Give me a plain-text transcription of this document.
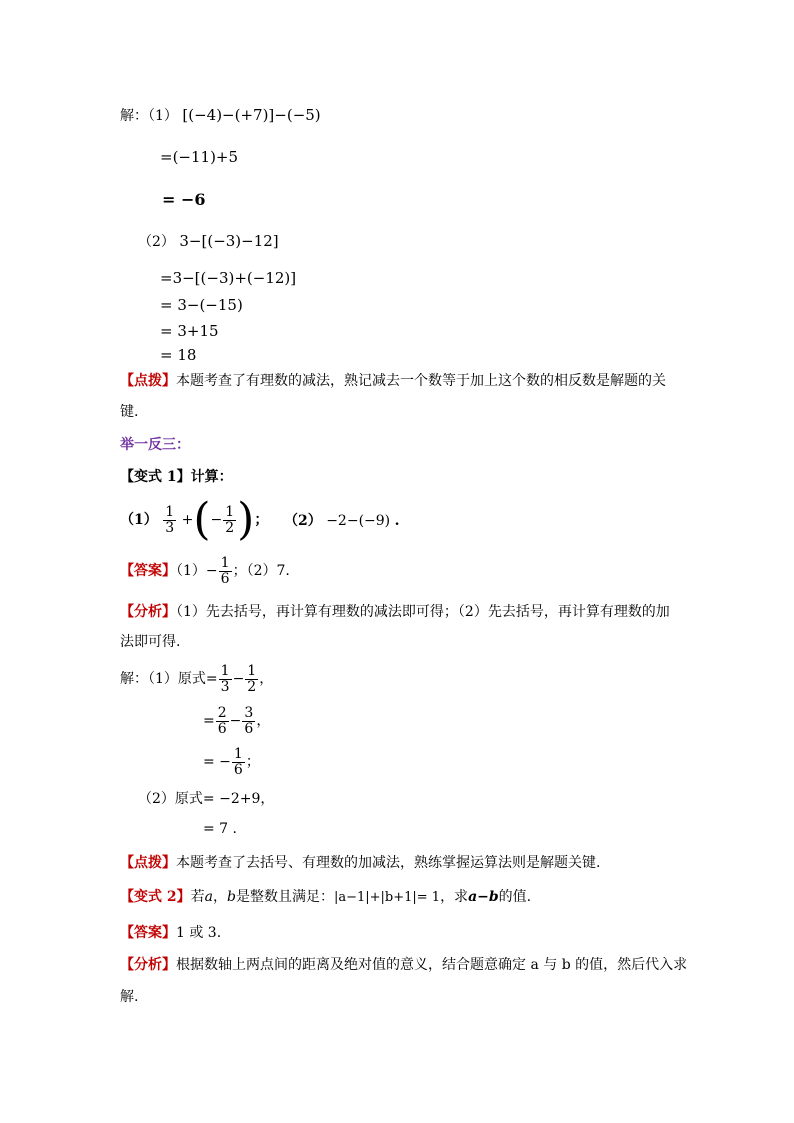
解：（1） [(−4)−(+7)]−(−5)
=(−11)+5
= −6
（2） 3−[(−3)−12]
=3−[(−3)+(−12)]
= 3−(−15)
= 3+15
= 18
【点拨】本题考查了有理数的减法，熟记减去一个数等于加上这个数的相反数是解题的关
键.
举一反三：
【变式 1】计算：
$(1) \frac{1}{3}$ +(− $\frac{1}{2}$ )； （2） −2−(−9) .
【答案】$(1)- \frac{1}{6}$ ；（2）7.
【分析】（1）先去括号，再计算有理数的减法即可得；（2）先去括号，再计算有理数的加
法即可得.
解：（1）原式= $\frac{1}{3} - \frac{1}{2}$ ，
= $\frac{2}{6} - \frac{3}{6}$ ，
= − $\frac{1}{6}$ ；
（2）原式= −2+9，
= 7 .
【点拨】本题考查了去括号、有理数的加减法，熟练掌握运算法则是解题关键.
【变式 2】若a，b是整数且满足：|a−1|+|b+1|= 1，求a−b的值.
【答案】1 或 3.
【分析】根据数轴上两点间的距离及绝对值的意义，结合题意确定 a 与 b 的值，然后代入求
解.
